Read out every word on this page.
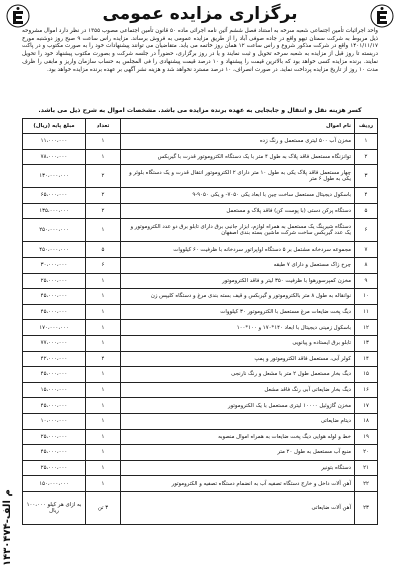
برگزاری مزایده عمومی
واحد اجرائیات تأمین اجتماعی شعبه سرخه به استناد فصل ششم آئین نامه اجرائی ماده ۵۰ قانون تأمین اجتماعی مصوب ۱۳۵۵ در نظر دارد اموال مشروحه ذیل مربوط به شرکت سمنان تیهو واقع در جاده صوفی آباد را از طریق مزایده عمومی به فروش برساند. مزایده راس ساعت ۹ صبح روز دوشنبه مورخ ۱۴۰۱/۱۱/۱۷ واقع در شرکت مذکور شروع و راس ساعت ۱۲ همان روز خاتمه می یابد. متقاضیان می توانند پیشنهادات خود را به صورت مکتوب و در پاکت دربسته تا روز قبل از مزایده به شعبه سرخه تحویل و ثبت نمایند و یا در روز برگزاری، حضوراً در جلسه شرکت و بصورت مکتوب پیشنهاد خود را تحویل نمایند. برنده مزایده کسی خواهد بود که بالاترین قیمت را پیشنهاد و ۱۰ درصد قیمت پیشنهادی را فی المجلس به حساب سازمان واریز و مابقی را ظرف مدت ۱۰ روز از تاریخ مزایده پرداخت نماید. در صورت انصراف، ۱۰ درصد مسترد نخواهد شد و هزینه نشر آگهی بر عهده برنده مزایده خواهد بود.
کسر هزینه نقل و انتقال و جابجایی به عهده برنده مزایده می باشد. مشخصات اموال به شرح ذیل می باشد.
ردیف	نام اموال	تعداد	مبلغ پایه (ریال)
۱	مخزن آب ۵۰۰ لیتری مستعمل و رنگ زده	۱	۱۱،۰۰۰،۰۰۰
۲	توانزنگاه مستعمل فاقد پلاک به طول ۴ متر با یک دستگاه الکتروموتور قدرت با گیربکس	۱	۷۸،۰۰۰،۰۰۰
۳	چهار مستعمل فاقد پلاک یکی به طول ۱۰ متر دارای ۲ الکتروموتور انتقال قدرت و یک دستگاه بلوئر و یکی به طول ۶ متر	۲	۱۳۰،۰۰۰،۰۰۰
۴	باسکول دیجیتال مستعمل ساخت چین با ابعاد یکی ۷۰۵۰- و یکی ۹۰۵۰-۹	۲	۶۵،۰۰۰،۰۰۰
۵	دستگاه پرکن دستی (با پوست کن) فاقد پلاک و مستعمل	۲	۱۳۵،۰۰۰،۰۰۰
۶	دستگاه شیرینگ یک مستعمل به همراه لوازم، ابزار جانبی برق دارای تابلو برق دو عدد الکتروموتور و یک عدد گیربکس ساخت شرکت ماشین بسته بندی اصفهان	۱	۲۵۰،۰۰۰،۰۰۰
۷	مجموعه سردخانه مشتمل بر ۵ دستگاه اواپراتور سردخانه با ظرفیت ۶۰ کیلووات	۵	۴۵۰،۰۰۰،۰۰۰
۸	چرخ زاک مستعمل و دارای ۷ طبقه	۶	۳۰،۰۰۰،۰۰۰
۹	مخزن کمپرسورهوا با ظرفیت ۳۵۰ لیتر و فاقد الکتروموتور	۱	۲۵،۰۰۰،۰۰۰
۱۰	نوانقاله به طول ۸ متر بالکتروموتور و گیربکس و قیف بسته بندی مرغ و دستگاه کلیپس زن	۱	۴۵،۰۰۰،۰۰۰
۱۱	دیگ پخت ضایعات مرغ مستعمل با الکتروموتور ۳۰ کیلووات	۱	۴۵،۰۰۰،۰۰۰
۱۲	باسکول زمینی دیجیتال با ابعاد ۱۴۰*۱۷۰ و ۱۰۰*۱۰۰	۱	۱۷۰،۰۰۰،۰۰۰
۱۳	تابلو برق ایستاده و پیانویی	۱	۷۷،۰۰۰،۰۰۰
۱۴	کولر آبی، مستعمل فاقد الکتروموتور و پمپ	۴	۴۲،۰۰۰،۰۰۰
۱۵	دیگ بخار مستعمل طول ۲ متر با مشعل و رنگ نارنجی	۱	۴۵،۰۰۰،۰۰۰
۱۶	دیگ بخار ضایعاتی آبی رنگ فاقد مشعل	۱	۱۵،۰۰۰،۰۰۰
۱۷	مخزن گازوئیل ۱۰۰۰۰ لیتری مستعمل با یک الکتروموتور	۱	۴۵،۰۰۰،۰۰۰
۱۸	دیتام ضایعاتی	۱	۱۰،۰۰۰،۰۰۰
۱۹	خط و لوله هوایی دیگ پخت ضایعات به همراه اموال منصوبه	۱	۲۵،۰۰۰،۰۰۰
۲۰	منبع آب مستعمل به طول ۲۰ متر	۱	۴۵،۰۰۰،۰۰۰
۲۱	دستگاه بتونیر	۱	۲۵،۰۰۰،۰۰۰
۲۲	آهن آلات داخل و خارج دستگاه تصفیه آب به انضمام دستگاه تصفیه و الکتروموتور	۱	۱۵۰،۰۰۰،۰۰۰
۲۳	آهن آلات ضایعاتی	۳ تن	به ازای هر کیلو ۱۰۰،۰۰۰ ریال
۱۴۳۰۴۷۴-م الف
